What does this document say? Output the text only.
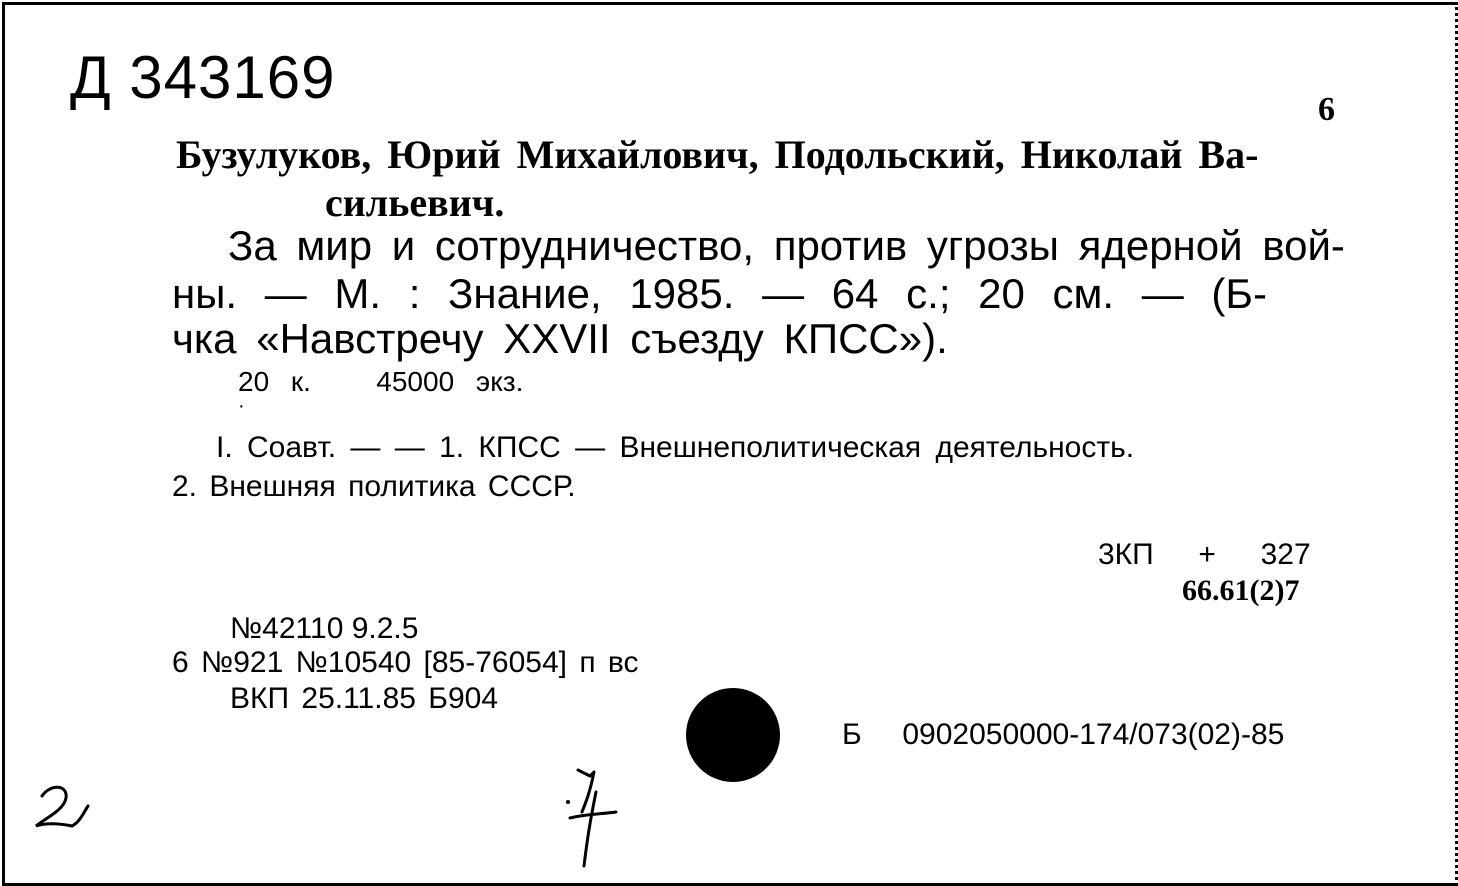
Д 343169	6
Бузулуков, Юрий Михайлович, Подольский, Николай Ва-
сильевич.
За мир и сотрудничество, против угрозы ядерной вой-
ны. — М. : Знание, 1985. — 64 с.; 20 см. — (Б-
чка «Навстречу XXVII съезду КПСС»).
20 к.   45000 экз.
·
I. Соавт. — — 1. КПСС — Внешнеполитическая деятельность.
2. Внешняя политика СССР.
3КП  +  327
66.61(2)7
№42110 9.2.5
6 №921 №10540 [85-76054] п вс
ВКП 25.11.85 Б904
Б  0902050000-174/073(02)-85
